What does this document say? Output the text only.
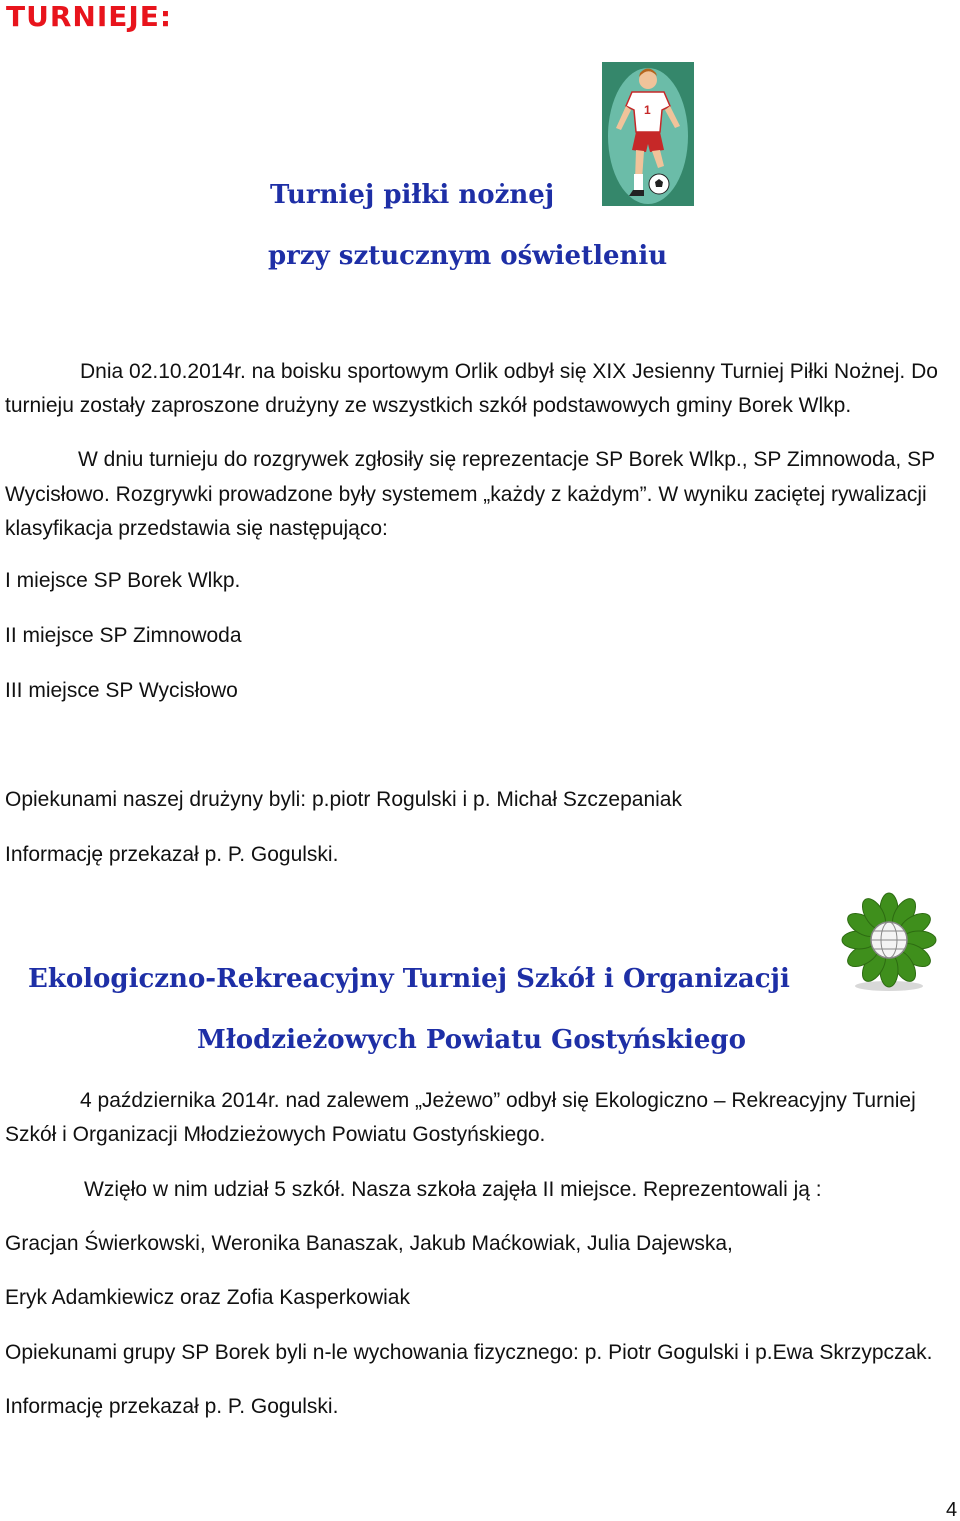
TURNIEJE:
Turniej piłki nożnej
przy sztucznym oświetleniu
1
Dnia 02.10.2014r. na boisku sportowym Orlik odbył się XIX Jesienny Turniej Piłki Nożnej. Do
turnieju zostały zaproszone drużyny ze wszystkich szkół podstawowych gminy Borek Wlkp.
W dniu turnieju do rozgrywek zgłosiły się reprezentacje SP Borek Wlkp., SP Zimnowoda, SP
Wycisłowo. Rozgrywki prowadzone były systemem „każdy z każdym”. W wyniku zaciętej rywalizacji
klasyfikacja przedstawia się następująco:
I miejsce SP Borek Wlkp.
II miejsce SP Zimnowoda
III miejsce SP Wycisłowo
Opiekunami naszej drużyny byli: p.piotr Rogulski i p. Michał Szczepaniak
Informację przekazał p. P. Gogulski.
Ekologiczno-Rekreacyjny Turniej Szkół i Organizacji
Młodzieżowych Powiatu Gostyńskiego
4 października 2014r. nad zalewem „Jeżewo” odbył się Ekologiczno – Rekreacyjny Turniej
Szkół i Organizacji Młodzieżowych Powiatu Gostyńskiego.
Wzięło w nim udział 5 szkół. Nasza szkoła zajęła II miejsce. Reprezentowali ją :
Gracjan Świerkowski, Weronika Banaszak, Jakub Maćkowiak, Julia Dajewska,
Eryk Adamkiewicz oraz Zofia Kasperkowiak
Opiekunami grupy SP Borek byli n-le wychowania fizycznego: p. Piotr Gogulski i p.Ewa Skrzypczak.
Informację przekazał p. P. Gogulski.
4
